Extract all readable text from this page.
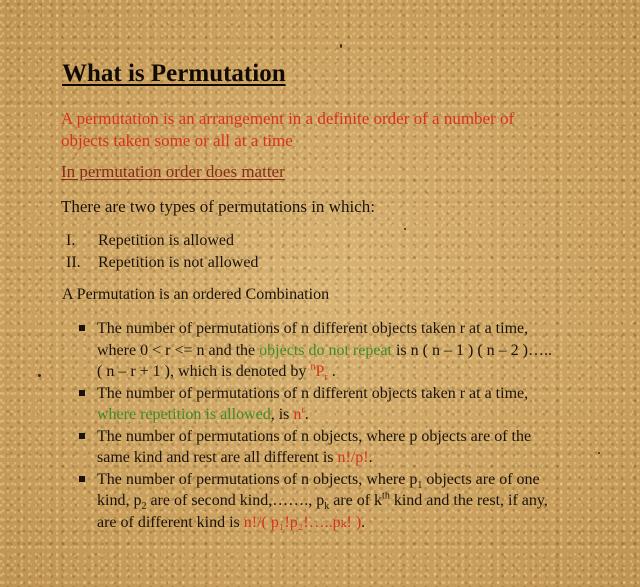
What is Permutation

A permutation is an arrangement in a definite order of a number of objects taken some or all at a time

In permutation order does matter

There are two types of permutations in which:

I. Repetition is allowed
II. Repetition is not allowed

A Permutation is an ordered Combination

The number of permutations of n different objects taken r at a time, where 0 < r <= n and the objects do not repeat is n ( n – 1 ) ( n – 2 )….. ( n – r + 1 ), which is denoted by $^nP_r$ .
The number of permutations of n different objects taken r at a time, where repetition is allowed, is $n^r$.
The number of permutations of n objects, where p objects are of the same kind and rest are all different is n!/p!.
The number of permutations of n objects, where $p_1$ objects are of one kind, $p_2$ are of second kind,……., $p_k$ are of $k^{th}$ kind and the rest, if any, are of different kind is n!/( p₁!p₂!…..pₖ! ).
